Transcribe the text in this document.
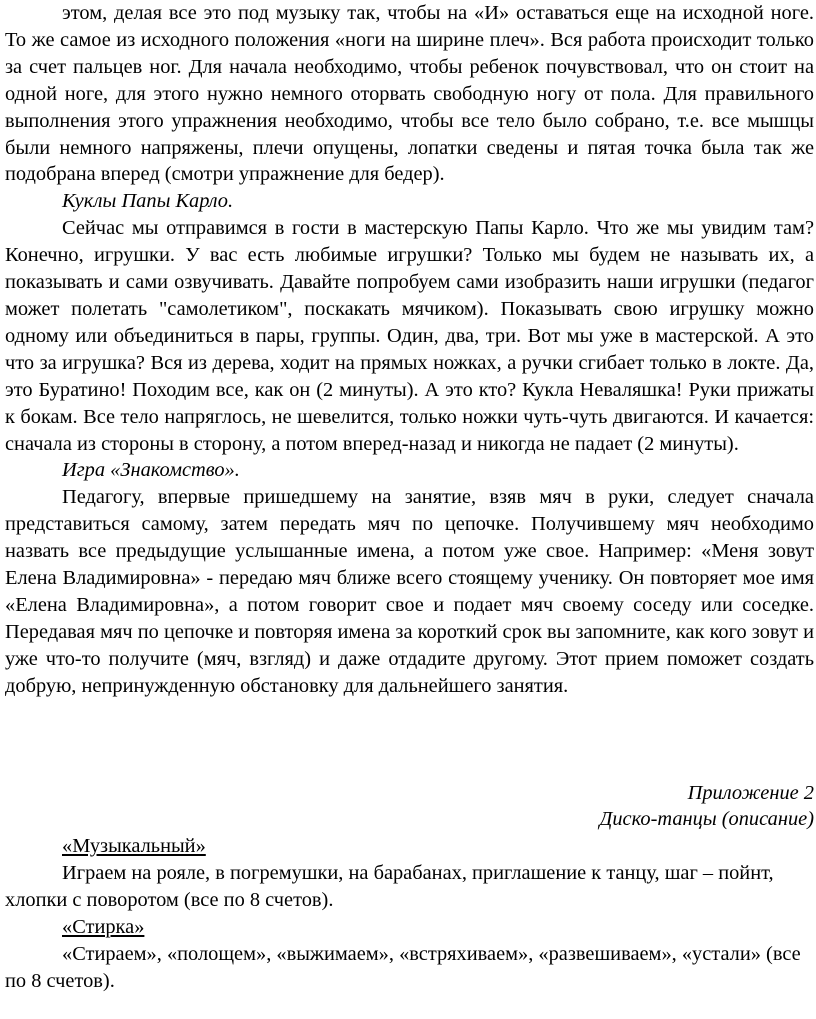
этом, делая все это под музыку так, чтобы на «И» оставаться еще на исходной ноге. То же самое из исходного положения «ноги на ширине плеч». Вся работа происходит только за счет пальцев ног. Для начала необходимо, чтобы ребенок почувствовал, что он стоит на одной ноге, для этого нужно немного оторвать свободную ногу от пола. Для правильного выполнения этого упражнения необходимо, чтобы все тело было собрано, т.е. все мышцы были немного напряжены, плечи опущены, лопатки сведены и пятая точка была так же подобрана вперед (смотри упражнение для бедер).

Куклы Папы Карло.

Сейчас мы отправимся в гости в мастерскую Папы Карло. Что же мы увидим там? Конечно, игрушки. У вас есть любимые игрушки? Только мы будем не называть их, а показывать и сами озвучивать. Давайте попробуем сами изобразить наши игрушки (педагог может полетать "самолетиком", поскакать мячиком). Показывать свою игрушку можно одному или объединиться в пары, группы. Один, два, три. Вот мы уже в мастерской. А это что за игрушка? Вся из дерева, ходит на прямых ножках, а ручки сгибает только в локте. Да, это Буратино! Походим все, как он (2 минуты). А это кто? Кукла Неваляшка! Руки прижаты к бокам. Все тело напряглось, не шевелится, только ножки чуть-чуть двигаются. И качается: сначала из стороны в сторону, а потом вперед-назад и никогда не падает (2 минуты).

Игра «Знакомство».

Педагогу, впервые пришедшему на занятие, взяв мяч в руки, следует сначала представиться самому, затем передать мяч по цепочке. Получившему мяч необходимо назвать все предыдущие услышанные имена, а потом уже свое. Например: «Меня зовут Елена Владимировна» - передаю мяч ближе всего стоящему ученику. Он повторяет мое имя «Елена Владимировна», а потом говорит свое и подает мяч своему соседу или соседке. Передавая мяч по цепочке и повторяя имена за короткий срок вы запомните, как кого зовут и уже что-то получите (мяч, взгляд) и даже отдадите другому. Этот прием поможет создать добрую, непринужденную обстановку для дальнейшего занятия.

Приложение 2

Диско-танцы (описание)

«Музыкальный»

Играем на рояле, в погремушки, на барабанах, приглашение к танцу, шаг – пойнт, хлопки с поворотом (все по 8 счетов).

«Стирка»

«Стираем», «полощем», «выжимаем», «встряхиваем», «развешиваем», «устали» (все по 8 счетов).
